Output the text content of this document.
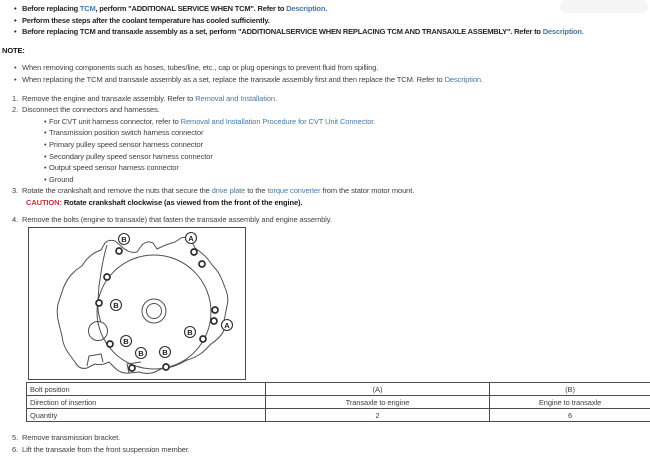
• Before replacing TCM, perform "ADDITIONAL SERVICE WHEN TCM". Refer to Description.
• Perform these steps after the coolant temperature has cooled sufficiently.
• Before replacing TCM and transaxle assembly as a set, perform "ADDITIONALSERVICE WHEN REPLACING TCM AND TRANSAXLE ASSEMBLY". Refer to Description.
NOTE:
• When removing components such as hoses, tubes/line, etc., cap or plug openings to prevent fluid from spilling.
• When replacing the TCM and transaxle assembly as a set, replace the transaxle assembly first and then replace the TCM. Refer to Description.
1. Remove the engine and transaxle assembly. Refer to Removal and Installation.
2. Disconnect the connectors and harnesses.
• For CVT unit harness connector, refer to Removal and Installation Procedure for CVT Unit Connector.
• Transmission position switch harness connector
• Primary pulley speed sensor harness connector
• Secondary pulley speed sensor harness connector
• Output speed sensor harness connector
• Ground
3. Rotate the crankshaft and remove the nuts that secure the drive plate to the torque converter from the stator motor mount.
CAUTION: Rotate crankshaft clockwise (as viewed from the front of the engine).
4. Remove the bolts (engine to transaxle) that fasten the transaxle assembly and engine assembly.
B	A
B
A
B
B
B B
Bolt position	(A)	(B)
Direction of insertion	Transaxle to engine	Engine to transaxle
Quantity	2	6
5. Remove transmission bracket.
6. Lift the transaxle from the front suspension member.
